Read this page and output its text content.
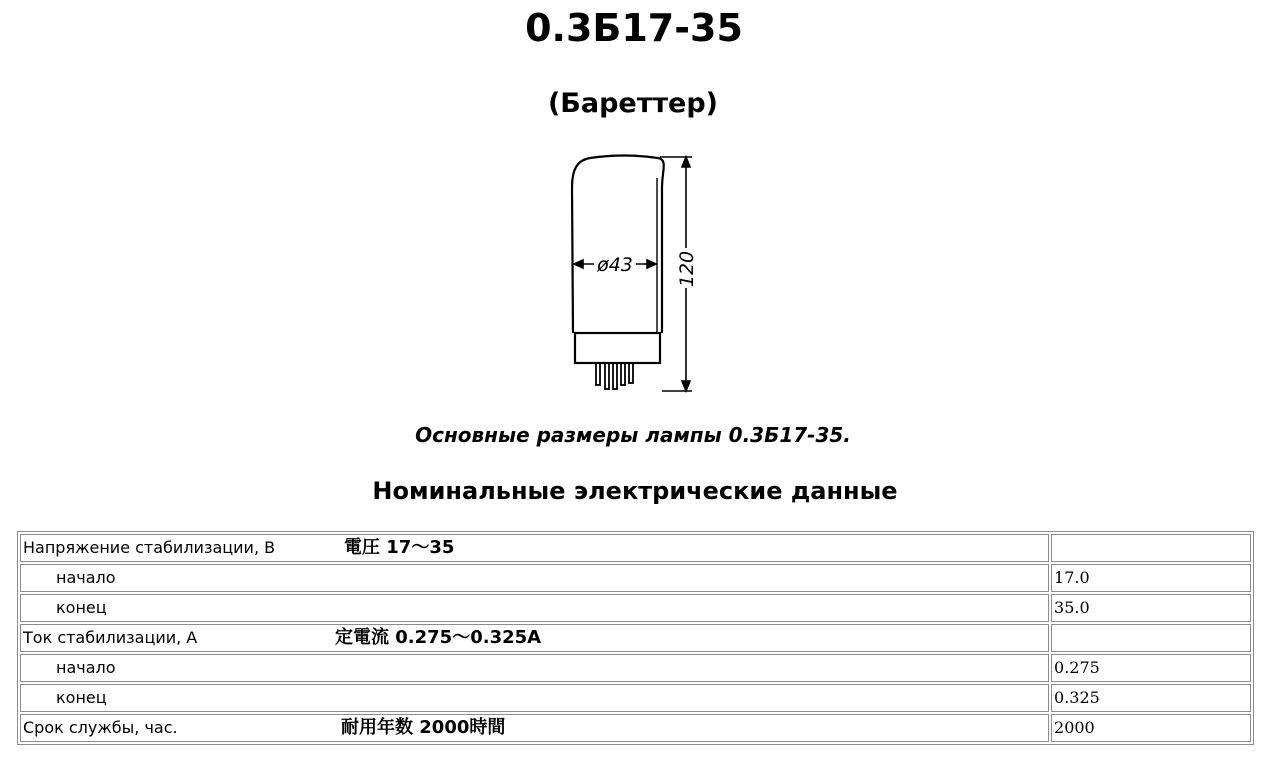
0.3Б17-35
(Бареттер)
ø43 120
Основные размеры лампы 0.3Б17-35.
Номинальные электрические данные
Напряжение стабилизации, В 電圧 17～35	

начало	17.0
конец	35.0
Ток стабилизации, А 定電流 0.275～0.325A	

начало	0.275
конец	0.325
Срок службы, час. 耐用年数 2000時間	2000
